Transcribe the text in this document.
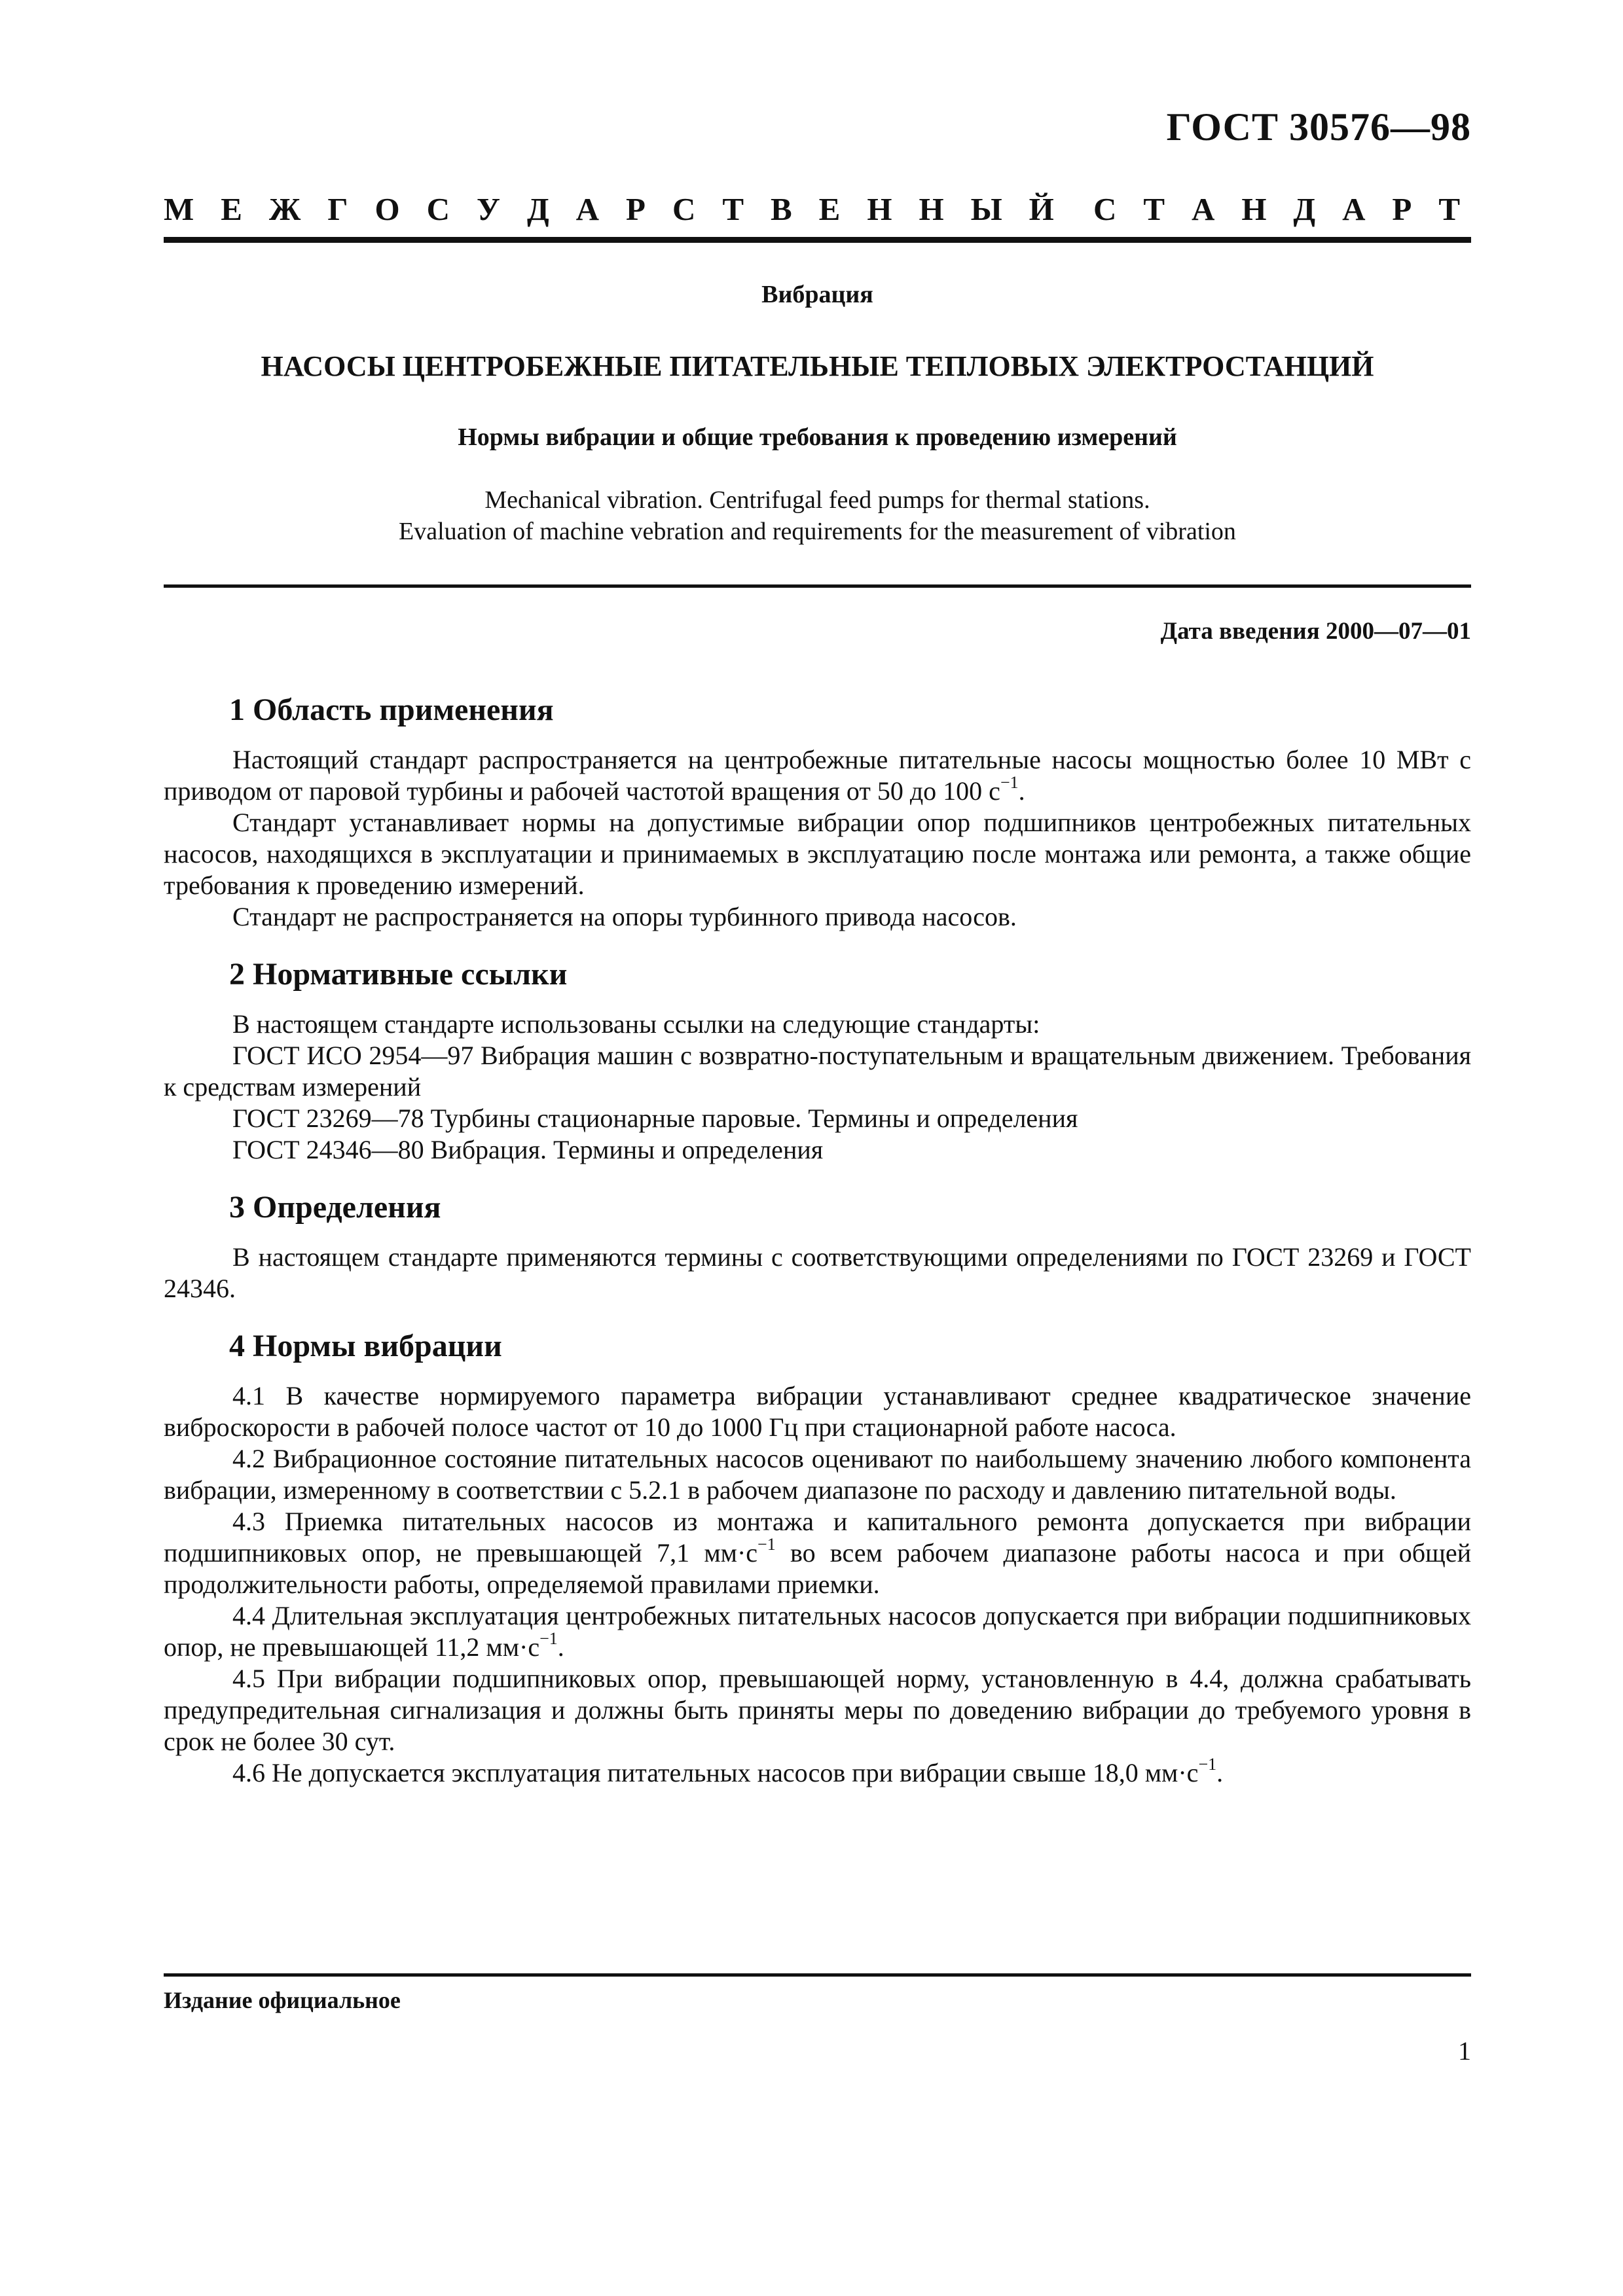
ГОСТ 30576—98
М Е Ж Г О С У Д А Р С Т В Е Н Н Ы Й С Т А Н Д А Р Т
Вибрация
НАСОСЫ ЦЕНТРОБЕЖНЫЕ ПИТАТЕЛЬНЫЕ ТЕПЛОВЫХ ЭЛЕКТРОСТАНЦИЙ
Нормы вибрации и общие требования к проведению измерений
Mechanical vibration. Centrifugal feed pumps for thermal stations.
Evaluation of machine vebration and requirements for the measurement of vibration
Дата введения 2000—07—01
1 Область применения

Настоящий стандарт распространяется на центробежные питательные насосы мощностью более 10 МВт с приводом от паровой турбины и рабочей частотой вращения от 50 до 100 $с^{-1}$.

Стандарт устанавливает нормы на допустимые вибрации опор подшипников центробежных питательных насосов, находящихся в эксплуатации и принимаемых в эксплуатацию после монтажа или ремонта, а также общие требования к проведению измерений.

Стандарт не распространяется на опоры турбинного привода насосов.

2 Нормативные ссылки

В настоящем стандарте использованы ссылки на следующие стандарты:

ГОСТ ИСО 2954—97 Вибрация машин с возвратно-поступательным и вращательным движением. Требования к средствам измерений

ГОСТ 23269—78 Турбины стационарные паровые. Термины и определения

ГОСТ 24346—80 Вибрация. Термины и определения

3 Определения

В настоящем стандарте применяются термины с соответствующими определениями по ГОСТ 23269 и ГОСТ 24346.

4 Нормы вибрации

4.1 В качестве нормируемого параметра вибрации устанавливают среднее квадратическое значение виброскорости в рабочей полосе частот от 10 до 1000 Гц при стационарной работе насоса.

4.2 Вибрационное состояние питательных насосов оценивают по наибольшему значению любого компонента вибрации, измеренному в соответствии с 5.2.1 в рабочем диапазоне по расходу и давлению питательной воды.

4.3 Приемка питательных насосов из монтажа и капитального ремонта допускается при вибрации подшипниковых опор, не превышающей 7,1 $мм\cdot с^{-1}$ во всем рабочем диапазоне работы насоса и при общей продолжительности работы, определяемой правилами приемки.

4.4 Длительная эксплуатация центробежных питательных насосов допускается при вибрации подшипниковых опор, не превышающей 11,2 $мм\cdot с^{-1}$.

4.5 При вибрации подшипниковых опор, превышающей норму, установленную в 4.4, должна срабатывать предупредительная сигнализация и должны быть приняты меры по доведению вибрации до требуемого уровня в срок не более 30 сут.

4.6 Не допускается эксплуатация питательных насосов при вибрации свыше 18,0 $мм\cdot с^{-1}$.

Издание официальное
1
